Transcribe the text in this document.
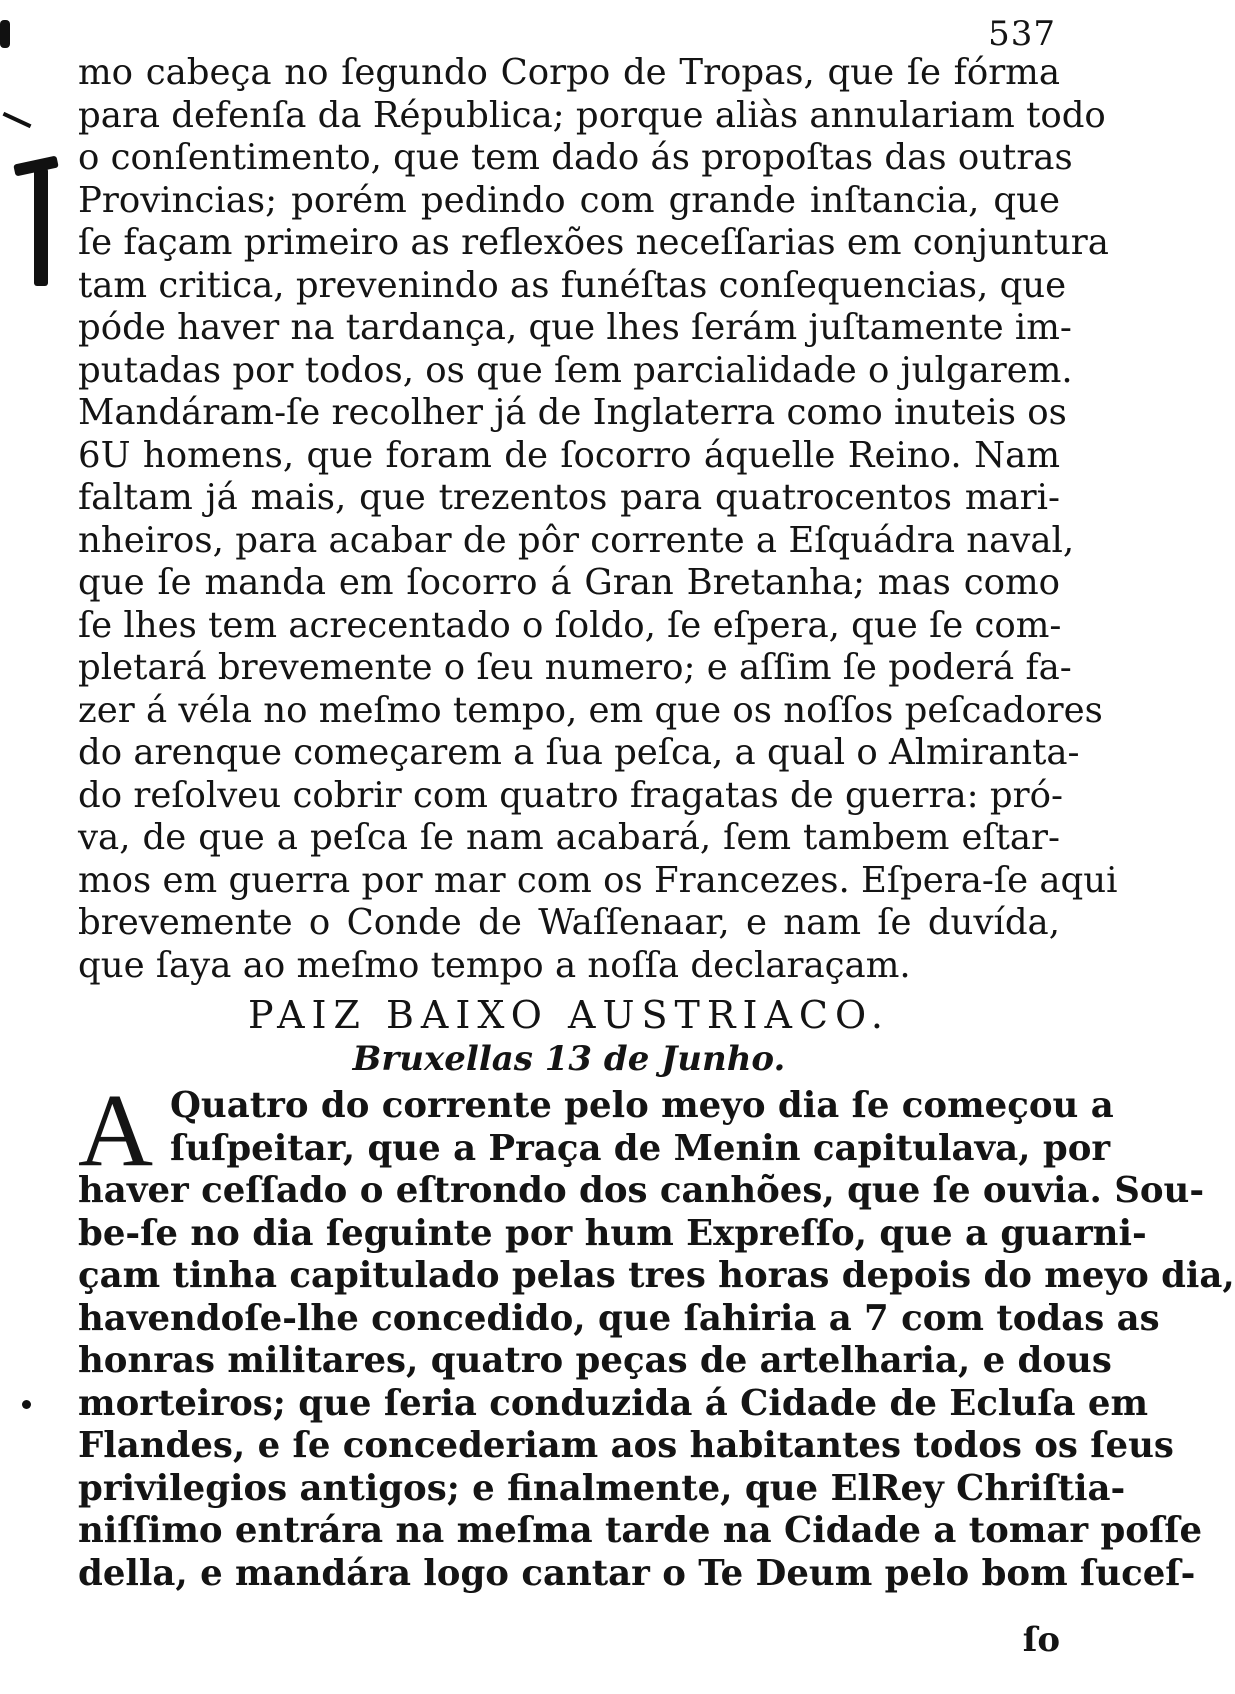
537
mo cabeça no ſegundo Corpo de Tropas, que ſe fórma
para defenſa da Républica; porque aliàs annulariam todo
o conſentimento, que tem dado ás propoſtas das outras
Provincias; porém pedindo com grande inſtancia, que
ſe façam primeiro as reflexões neceſſarias em conjuntura
tam critica, prevenindo as funéſtas conſequencias, que
póde haver na tardança, que lhes ſerám juſtamente im-
putadas por todos, os que ſem parcialidade o julgarem.
Mandáram-ſe recolher já de Inglaterra como inuteis os
6U homens, que foram de ſocorro áquelle Reino. Nam
faltam já mais, que trezentos para quatrocentos mari-
nheiros, para acabar de pôr corrente a Eſquádra naval,
que ſe manda em ſocorro á Gran Bretanha; mas como
ſe lhes tem acrecentado o ſoldo, ſe eſpera, que ſe com-
pletará brevemente o ſeu numero; e aſſim ſe poderá fa-
zer á véla no meſmo tempo, em que os noſſos peſcadores
do arenque começarem a ſua peſca, a qual o Almiranta-
do reſolveu cobrir com quatro fragatas de guerra: pró-
va, de que a peſca ſe nam acabará, ſem tambem eſtar-
mos em guerra por mar com os Francezes. Eſpera-ſe aqui
brevemente o Conde de Waſſenaar, e nam ſe duvída,
que ſaya ao meſmo tempo a noſſa declaraçam.
PAIZ BAIXO AUSTRIACO.
Bruxellas 13 de Junho.
A Quatro do corrente pelo meyo dia ſe começou a
ſuſpeitar, que a Praça de Menin capitulava, por
haver ceſſado o eſtrondo dos canhões, que ſe ouvia. Sou-
be-ſe no dia ſeguinte por hum Expreſſo, que a guarni-
çam tinha capitulado pelas tres horas depois do meyo dia,
havendoſe-lhe concedido, que ſahiria a 7 com todas as
honras militares, quatro peças de artelharia, e dous
morteiros; que ſeria conduzida á Cidade de Ecluſa em
Flandes, e ſe concederiam aos habitantes todos os ſeus
privilegios antigos; e finalmente, que ElRey Chriſtia-
niſſimo entrára na meſma tarde na Cidade a tomar poſſe
della, e mandára logo cantar o Te Deum pelo bom ſuceſ-
ſo
